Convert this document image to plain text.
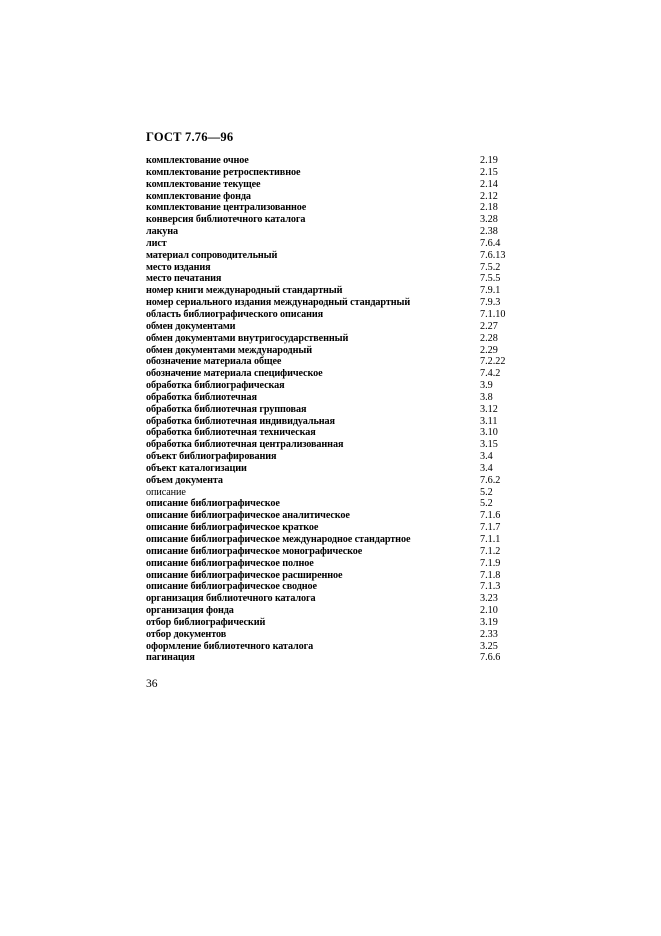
ГОСТ 7.76—96
комплектование очное	2.19
комплектование ретроспективное	2.15
комплектование текущее	2.14
комплектование фонда	2.12
комплектование централизованное	2.18
конверсия библиотечного каталога	3.28
лакуна	2.38
лист	7.6.4
материал сопроводительный	7.6.13
место издания	7.5.2
место печатания	7.5.5
номер книги международный стандартный	7.9.1
номер сериального издания международный стандартный	7.9.3
область библиографического описания	7.1.10
обмен документами	2.27
обмен документами внутригосударственный	2.28
обмен документами международный	2.29
обозначение материала общее	7.2.22
обозначение материала специфическое	7.4.2
обработка библиографическая	3.9
обработка библиотечная	3.8
обработка библиотечная групповая	3.12
обработка библиотечная индивидуальная	3.11
обработка библиотечная техническая	3.10
обработка библиотечная централизованная	3.15
объект библиографирования	3.4
объект каталогизации	3.4
объем документа	7.6.2
описание	5.2
описание библиографическое	5.2
описание библиографическое аналитическое	7.1.6
описание библиографическое краткое	7.1.7
описание библиографическое международное стандартное	7.1.1
описание библиографическое монографическое	7.1.2
описание библиографическое полное	7.1.9
описание библиографическое расширенное	7.1.8
описание библиографическое сводное	7.1.3
организация библиотечного каталога	3.23
организация фонда	2.10
отбор библиографический	3.19
отбор документов	2.33
оформление библиотечного каталога	3.25
пагинация	7.6.6
36
